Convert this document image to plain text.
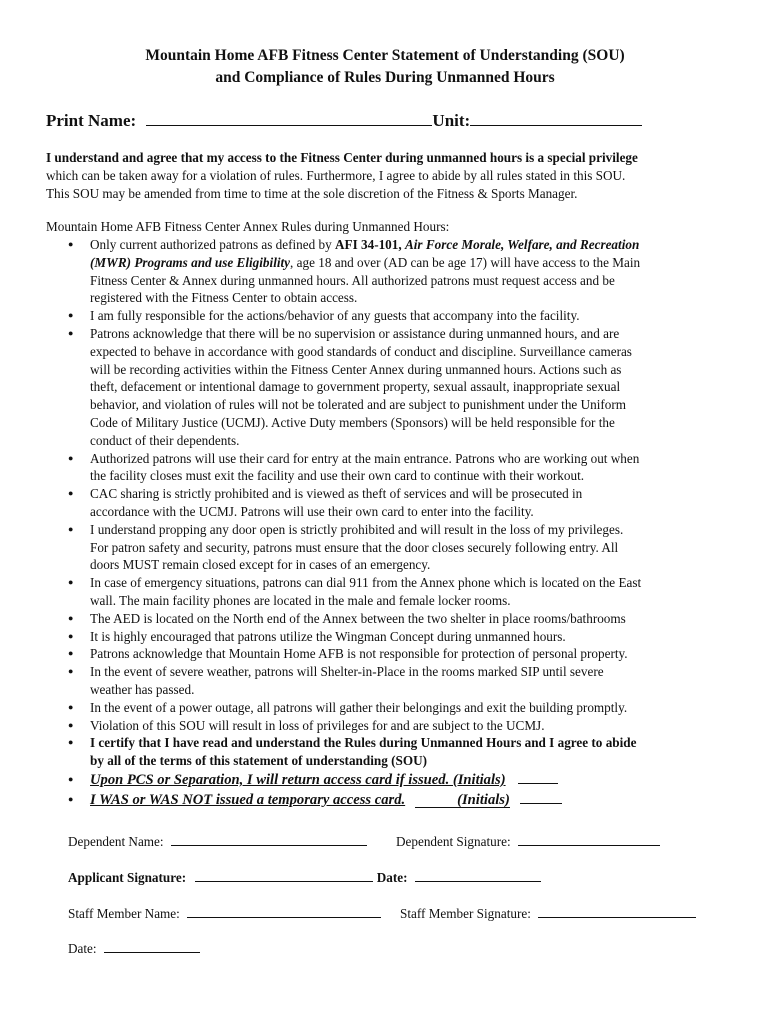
Mountain Home AFB Fitness Center Statement of Understanding (SOU)
and Compliance of Rules During Unmanned Hours
Print Name:	Unit:
I understand and agree that my access to the Fitness Center during unmanned hours is a special privilege
which can be taken away for a violation of rules. Furthermore, I agree to abide by all rules stated in this SOU.
This SOU may be amended from time to time at the sole discretion of the Fitness & Sports Manager.
Mountain Home AFB Fitness Center Annex Rules during Unmanned Hours:
● Only current authorized patrons as defined by AFI 34-101, Air Force Morale, Welfare, and Recreation
(MWR) Programs and use Eligibility, age 18 and over (AD can be age 17) will have access to the Main
Fitness Center & Annex during unmanned hours. All authorized patrons must request access and be
registered with the Fitness Center to obtain access.
● I am fully responsible for the actions/behavior of any guests that accompany into the facility.
● Patrons acknowledge that there will be no supervision or assistance during unmanned hours, and are
expected to behave in accordance with good standards of conduct and discipline. Surveillance cameras
will be recording activities within the Fitness Center Annex during unmanned hours. Actions such as
theft, defacement or intentional damage to government property, sexual assault, inappropriate sexual
behavior, and violation of rules will not be tolerated and are subject to punishment under the Uniform
Code of Military Justice (UCMJ). Active Duty members (Sponsors) will be held responsible for the
conduct of their dependents.
● Authorized patrons will use their card for entry at the main entrance. Patrons who are working out when
the facility closes must exit the facility and use their own card to continue with their workout.
● CAC sharing is strictly prohibited and is viewed as theft of services and will be prosecuted in
accordance with the UCMJ. Patrons will use their own card to enter into the facility.
● I understand propping any door open is strictly prohibited and will result in the loss of my privileges.
For patron safety and security, patrons must ensure that the door closes securely following entry. All
doors MUST remain closed except for in cases of an emergency.
● In case of emergency situations, patrons can dial 911 from the Annex phone which is located on the East
wall. The main facility phones are located in the male and female locker rooms.
● The AED is located on the North end of the Annex between the two shelter in place rooms/bathrooms
● It is highly encouraged that patrons utilize the Wingman Concept during unmanned hours.
● Patrons acknowledge that Mountain Home AFB is not responsible for protection of personal property.
● In the event of severe weather, patrons will Shelter-in-Place in the rooms marked SIP until severe
weather has passed.
● In the event of a power outage, all patrons will gather their belongings and exit the building promptly.
● Violation of this SOU will result in loss of privileges for and are subject to the UCMJ.
● I certify that I have read and understand the Rules during Unmanned Hours and I agree to abide
by all of the terms of this statement of understanding (SOU)
● Upon PCS or Separation, I will return access card if issued. (Initials)
● I WAS or WAS NOT issued a temporary access card.	(Initials)
Dependent Name:	Dependent Signature:
Applicant Signature:	Date:
Staff Member Name:	Staff Member Signature:
Date:
